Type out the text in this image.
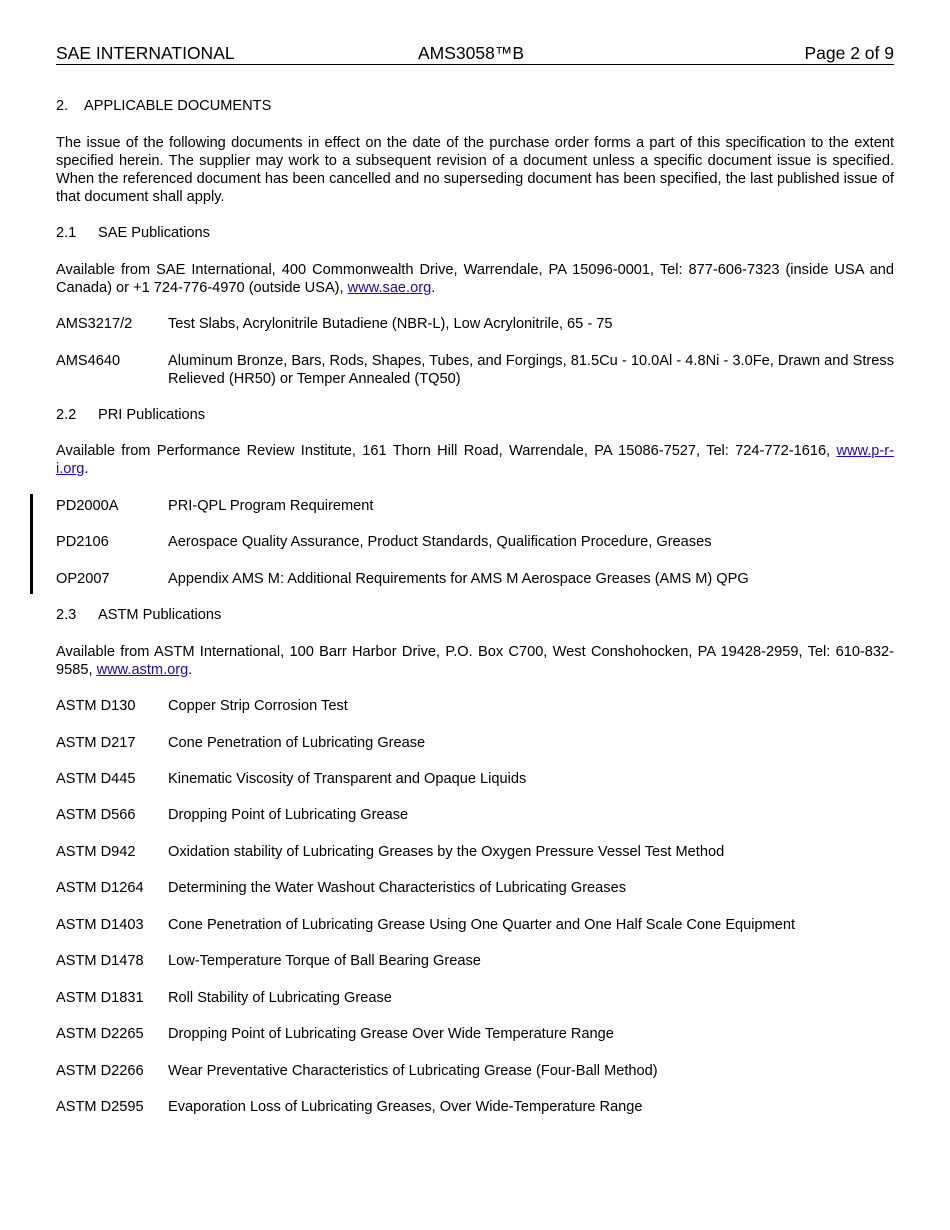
SAE INTERNATIONAL	AMS3058™B	Page 2 of 9
2. APPLICABLE DOCUMENTS
The issue of the following documents in effect on the date of the purchase order forms a part of this specification to the extent specified herein. The supplier may work to a subsequent revision of a document unless a specific document issue is specified. When the referenced document has been cancelled and no superseding document has been specified, the last published issue of that document shall apply.
2.1 SAE Publications
Available from SAE International, 400 Commonwealth Drive, Warrendale, PA 15096-0001, Tel: 877-606-7323 (inside USA and Canada) or +1 724-776-4970 (outside USA), www.sae.org.
AMS3217/2	Test Slabs, Acrylonitrile Butadiene (NBR-L), Low Acrylonitrile, 65 - 75
AMS4640	Aluminum Bronze, Bars, Rods, Shapes, Tubes, and Forgings, 81.5Cu - 10.0Al - 4.8Ni - 3.0Fe, Drawn and Stress Relieved (HR50) or Temper Annealed (TQ50)
2.2 PRI Publications
Available from Performance Review Institute, 161 Thorn Hill Road, Warrendale, PA 15086-7527, Tel: 724-772-1616, www.p-r-i.org.
PD2000A	PRI-QPL Program Requirement
PD2106	Aerospace Quality Assurance, Product Standards, Qualification Procedure, Greases
OP2007	Appendix AMS M: Additional Requirements for AMS M Aerospace Greases (AMS M) QPG
2.3 ASTM Publications
Available from ASTM International, 100 Barr Harbor Drive, P.O. Box C700, West Conshohocken, PA 19428-2959, Tel: 610-832-9585, www.astm.org.
ASTM D130	Copper Strip Corrosion Test
ASTM D217	Cone Penetration of Lubricating Grease
ASTM D445	Kinematic Viscosity of Transparent and Opaque Liquids
ASTM D566	Dropping Point of Lubricating Grease
ASTM D942	Oxidation stability of Lubricating Greases by the Oxygen Pressure Vessel Test Method
ASTM D1264	Determining the Water Washout Characteristics of Lubricating Greases
ASTM D1403	Cone Penetration of Lubricating Grease Using One Quarter and One Half Scale Cone Equipment
ASTM D1478	Low-Temperature Torque of Ball Bearing Grease
ASTM D1831	Roll Stability of Lubricating Grease
ASTM D2265	Dropping Point of Lubricating Grease Over Wide Temperature Range
ASTM D2266	Wear Preventative Characteristics of Lubricating Grease (Four-Ball Method)
ASTM D2595	Evaporation Loss of Lubricating Greases, Over Wide-Temperature Range
